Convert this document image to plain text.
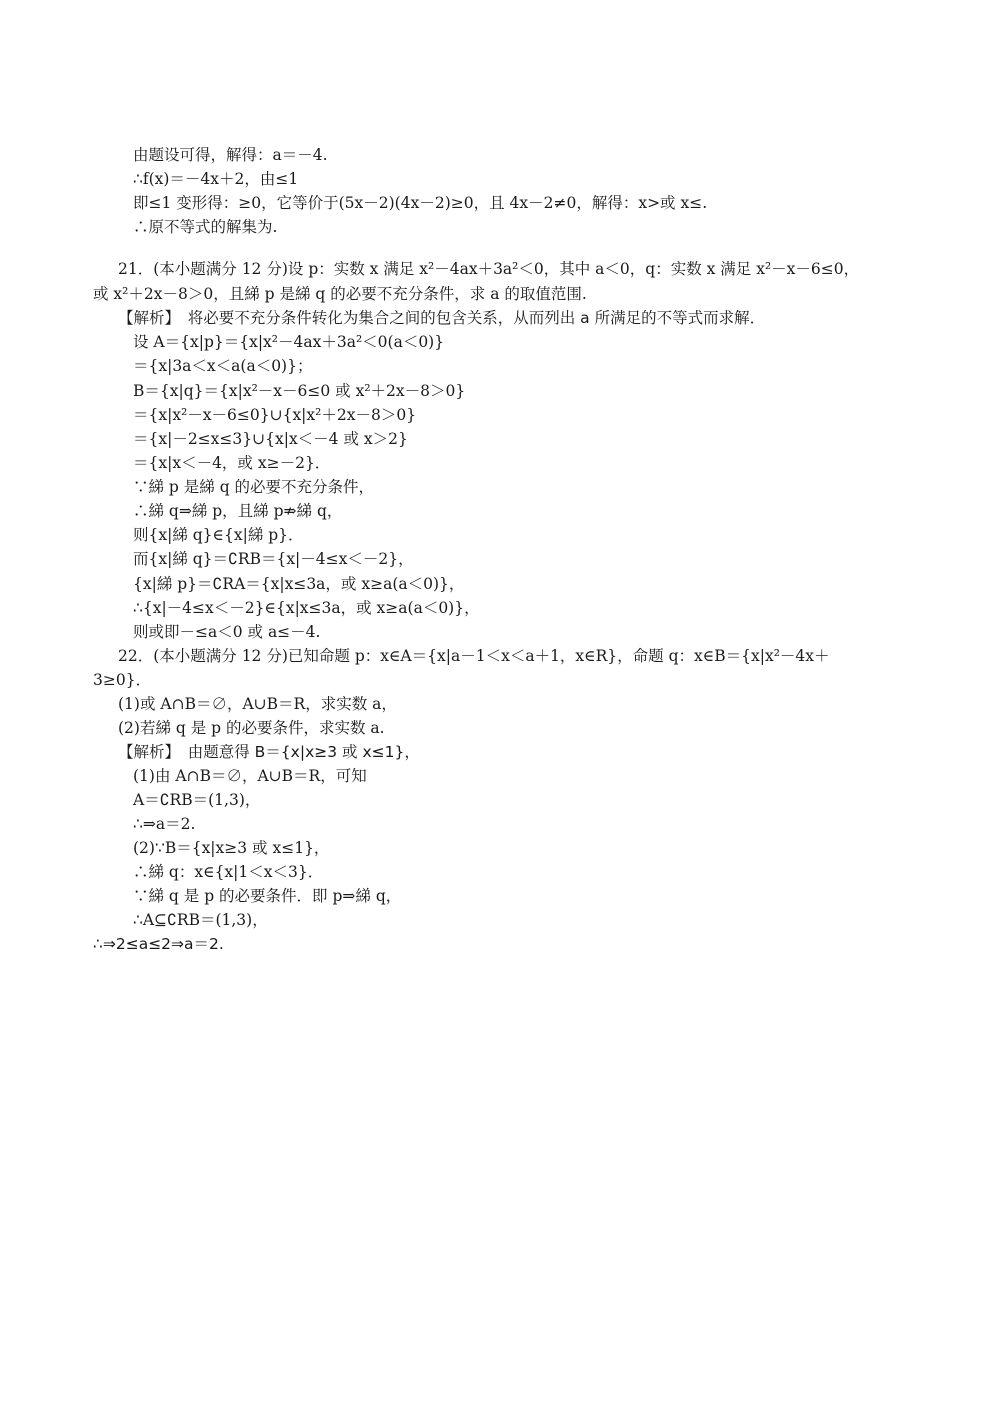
由题设可得，解得：a＝－4.
∴f(x)＝－4x＋2，由≤1
即≤1 变形得：≥0，它等价于(5x－2)(4x－2)≥0，且 4x－2≠0，解得：x>或 x≤.
∴原不等式的解集为.
21．(本小题满分 12 分)设 p：实数 x 满足 x²－4ax＋3a²＜0，其中 a＜0，q：实数 x 满足 x²－x－6≤0，
或 x²＋2x－8＞0，且綈 p 是綈 q 的必要不充分条件，求 a 的取值范围.
【解析】　将必要不充分条件转化为集合之间的包含关系，从而列出 a 所满足的不等式而求解．
设 A＝{x|p}＝{x|x²－4ax＋3a²＜0(a＜0)}
＝{x|3a＜x＜a(a＜0)}；
B＝{x|q}＝{x|x²－x－6≤0 或 x²＋2x－8＞0}
＝{x|x²－x－6≤0}∪{x|x²＋2x－8＞0}
＝{x|－2≤x≤3}∪{x|x＜－4 或 x＞2}
＝{x|x＜－4，或 x≥－2}．
∵綈 p 是綈 q 的必要不充分条件，
∴綈 q⇒綈 p，且綈 p⇏綈 q，
则{x|綈 q}∈{x|綈 p}．
而{x|綈 q}＝∁RB＝{x|－4≤x＜－2}，
{x|綈 p}＝∁RA＝{x|x≤3a，或 x≥a(a＜0)}，
∴{x|－4≤x＜－2}∈{x|x≤3a，或 x≥a(a＜0)}，
则或即－≤a＜0 或 a≤－4.
22．(本小题满分 12 分)已知命题 p：x∈A＝{x|a－1＜x＜a＋1，x∈R}，命题 q：x∈B＝{x|x²－4x＋
3≥0}．
(1)或 A∩B＝∅，A∪B＝R，求实数 a，
(2)若綈 q 是 p 的必要条件，求实数 a.
【解析】　由题意得 B＝{x|x≥3 或 x≤1}，
(1)由 A∩B＝∅，A∪B＝R，可知
A＝∁RB＝(1,3)，
∴⇒a＝2.
(2)∵B＝{x|x≥3 或 x≤1}，
∴綈 q：x∈{x|1＜x＜3}．
∵綈 q 是 p 的必要条件．即 p⇒綈 q，
∴A⊆∁RB＝(1,3)，
∴⇒2≤a≤2⇒a＝2.
